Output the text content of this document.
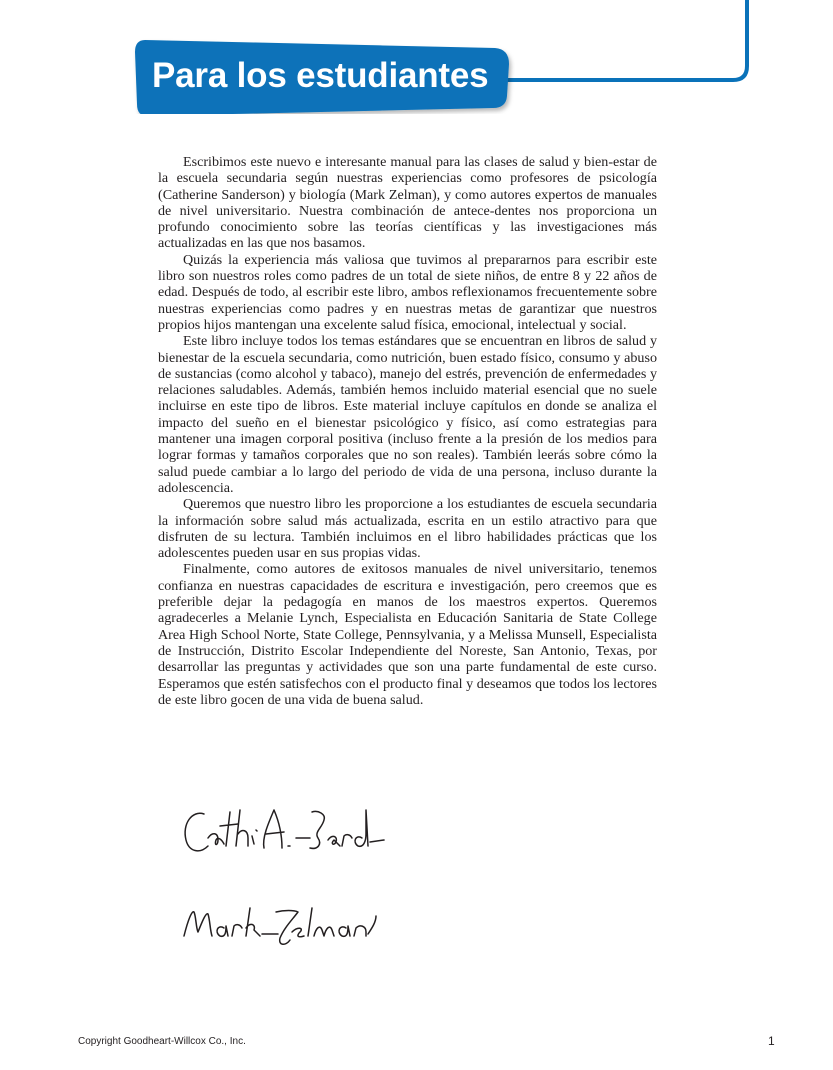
Para los estudiantes

Escribimos este nuevo e interesante manual para las clases de salud y bien-estar de la escuela secundaria según nuestras experiencias como profesores de psicología (Catherine Sanderson) y biología (Mark Zelman), y como autores expertos de manuales de nivel universitario. Nuestra combinación de antece-dentes nos proporciona un profundo conocimiento sobre las teorías científicas y las investigaciones más actualizadas en las que nos basamos.

Quizás la experiencia más valiosa que tuvimos al prepararnos para escribir este libro son nuestros roles como padres de un total de siete niños, de entre 8 y 22 años de edad. Después de todo, al escribir este libro, ambos reflexionamos frecuentemente sobre nuestras experiencias como padres y en nuestras metas de garantizar que nuestros propios hijos mantengan una excelente salud física, emocional, intelectual y social.

Este libro incluye todos los temas estándares que se encuentran en libros de salud y bienestar de la escuela secundaria, como nutrición, buen estado físico, consumo y abuso de sustancias (como alcohol y tabaco), manejo del estrés, prevención de enfermedades y relaciones saludables. Además, también hemos incluido material esencial que no suele incluirse en este tipo de libros. Este material incluye capítulos en donde se analiza el impacto del sueño en el bienestar psicológico y físico, así como estrategias para mantener una imagen corporal positiva (incluso frente a la presión de los medios para lograr formas y tamaños corporales que no son reales). También leerás sobre cómo la salud puede cambiar a lo largo del periodo de vida de una persona, incluso durante la adolescencia.

Queremos que nuestro libro les proporcione a los estudiantes de escuela secundaria la información sobre salud más actualizada, escrita en un estilo atractivo para que disfruten de su lectura. También incluimos en el libro habilidades prácticas que los adolescentes pueden usar en sus propias vidas.

Finalmente, como autores de exitosos manuales de nivel universitario, tenemos confianza en nuestras capacidades de escritura e investigación, pero creemos que es preferible dejar la pedagogía en manos de los maestros expertos. Queremos agradecerles a Melanie Lynch, Especialista en Educación Sanitaria de State College Area High School Norte, State College, Pennsylvania, y a Melissa Munsell, Especialista de Instrucción, Distrito Escolar Independiente del Noreste, San Antonio, Texas, por desarrollar las preguntas y actividades que son una parte fundamental de este curso. Esperamos que estén satisfechos con el producto final y deseamos que todos los lectores de este libro gocen de una vida de buena salud.

Copyright Goodheart-Willcox Co., Inc.	1
